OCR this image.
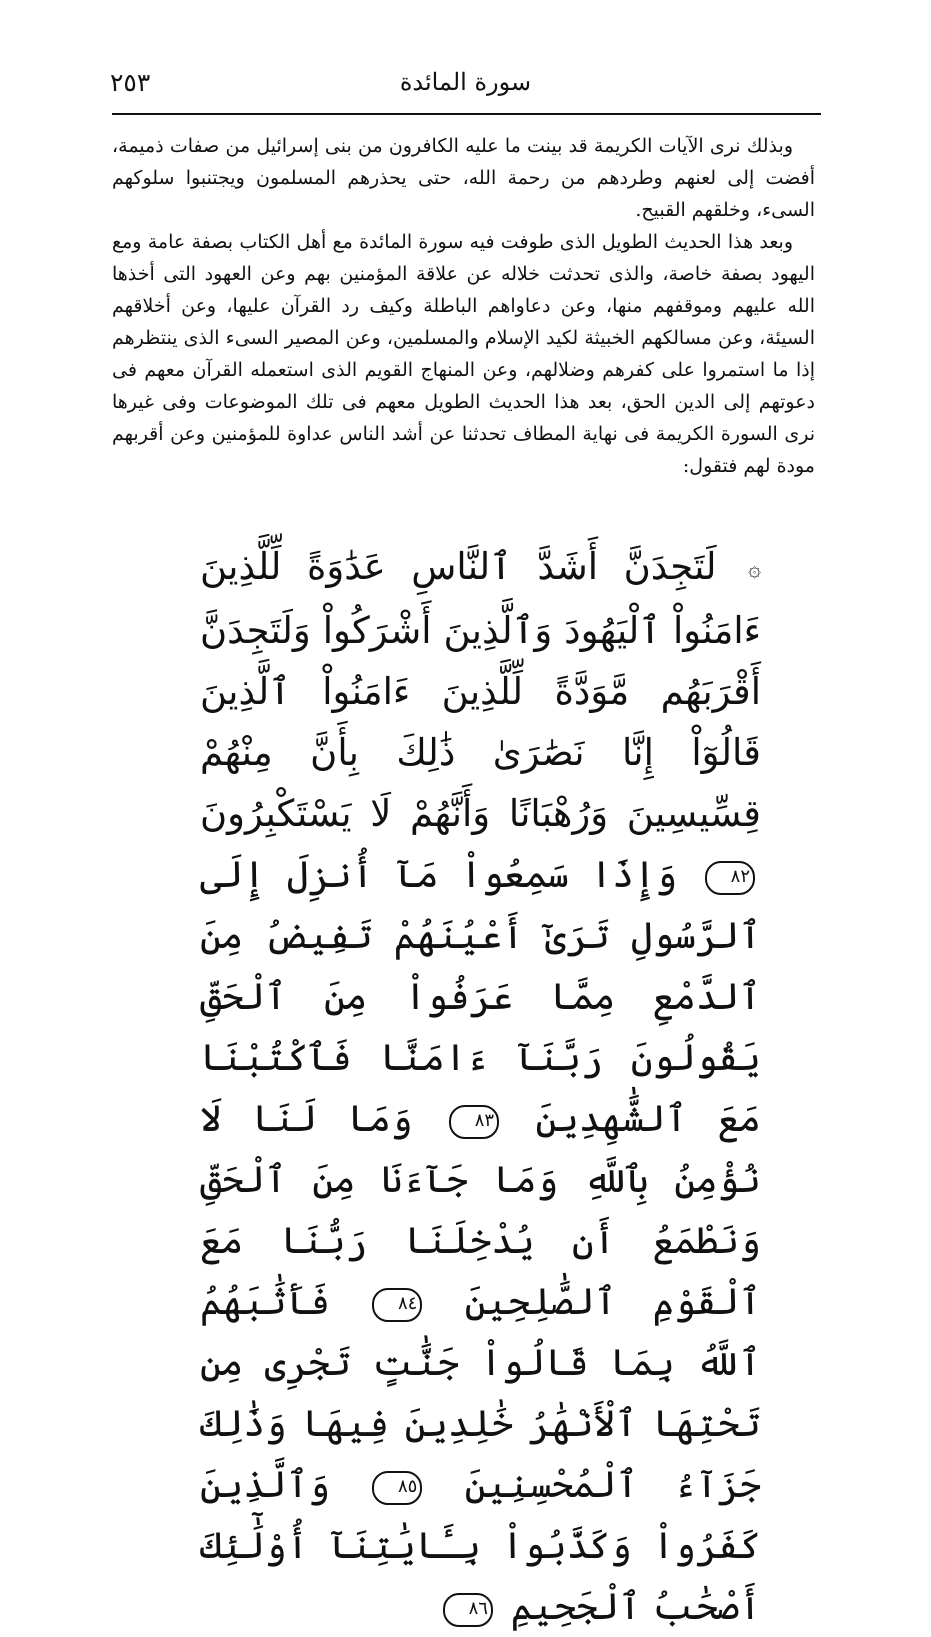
٢٥٣	سورة المائدة

وبذلك نرى الآيات الكريمة قد بينت ما عليه الكافرون من بنى إسرائيل من صفات ذميمة، أفضت إلى لعنهم وطردهم من رحمة الله، حتى يحذرهم المسلمون ويجتنبوا سلوكهم السىء، وخلقهم القبيح.

وبعد هذا الحديث الطويل الذى طوفت فيه سورة المائدة مع أهل الكتاب بصفة عامة ومع اليهود بصفة خاصة، والذى تحدثت خلاله عن علاقة المؤمنين بهم وعن العهود التى أخذها الله عليهم وموقفهم منها، وعن دعاواهم الباطلة وكيف رد القرآن عليها، وعن أخلاقهم السيئة، وعن مسالكهم الخبيثة لكيد الإسلام والمسلمين، وعن المصير السىء الذى ينتظرهم إذا ما استمروا على كفرهم وضلالهم، وعن المنهاج القويم الذى استعمله القرآن معهم فى دعوتهم إلى الدين الحق، بعد هذا الحديث الطويل معهم فى تلك الموضوعات وفى غيرها نرى السورة الكريمة فى نهاية المطاف تحدثنا عن أشد الناس عداوة للمؤمنين وعن أقربهم مودة لهم فتقول:

۞ لَتَجِدَنَّ أَشَدَّ ٱلنَّاسِ عَدَٰوَةً لِّلَّذِينَ ءَامَنُواْ ٱلْيَهُودَ وَٱلَّذِينَ أَشْرَكُواْ وَلَتَجِدَنَّ أَقْرَبَهُم مَّوَدَّةً لِّلَّذِينَ ءَامَنُواْ ٱلَّذِينَ قَالُوٓاْ إِنَّا نَصَٰرَىٰ ذَٰلِكَ بِأَنَّ مِنْهُمْ قِسِّيسِينَ وَرُهْبَانًا وَأَنَّهُمْ لَا يَسْتَكْبِرُونَ ٨٢ وَإِذَا سَمِعُواْ مَآ أُنزِلَ إِلَى ٱلرَّسُولِ تَرَىٰٓ أَعْيُنَهُمْ تَفِيضُ مِنَ ٱلدَّمْعِ مِمَّا عَرَفُواْ مِنَ ٱلْحَقِّ يَقُولُونَ رَبَّنَآ ءَامَنَّا فَٱكْتُبْنَا مَعَ ٱلشَّٰهِدِينَ ٨٣ وَمَا لَنَا لَا نُؤْمِنُ بِٱللَّهِ وَمَا جَآءَنَا مِنَ ٱلْحَقِّ وَنَطْمَعُ أَن يُدْخِلَنَا رَبُّنَا مَعَ ٱلْقَوْمِ ٱلصَّٰلِحِينَ ٨٤ فَأَثَٰبَهُمُ ٱللَّهُ بِمَا قَالُواْ جَنَّٰتٍ تَجْرِى مِن تَحْتِهَا ٱلْأَنْهَٰرُ خَٰلِدِينَ فِيهَا وَذَٰلِكَ جَزَآءُ ٱلْمُحْسِنِينَ ٨٥ وَٱلَّذِينَ كَفَرُواْ وَكَذَّبُواْ بِـَٔايَٰتِنَآ أُوْلَٰٓئِكَ أَصْحَٰبُ ٱلْجَحِيمِ ٨٦
